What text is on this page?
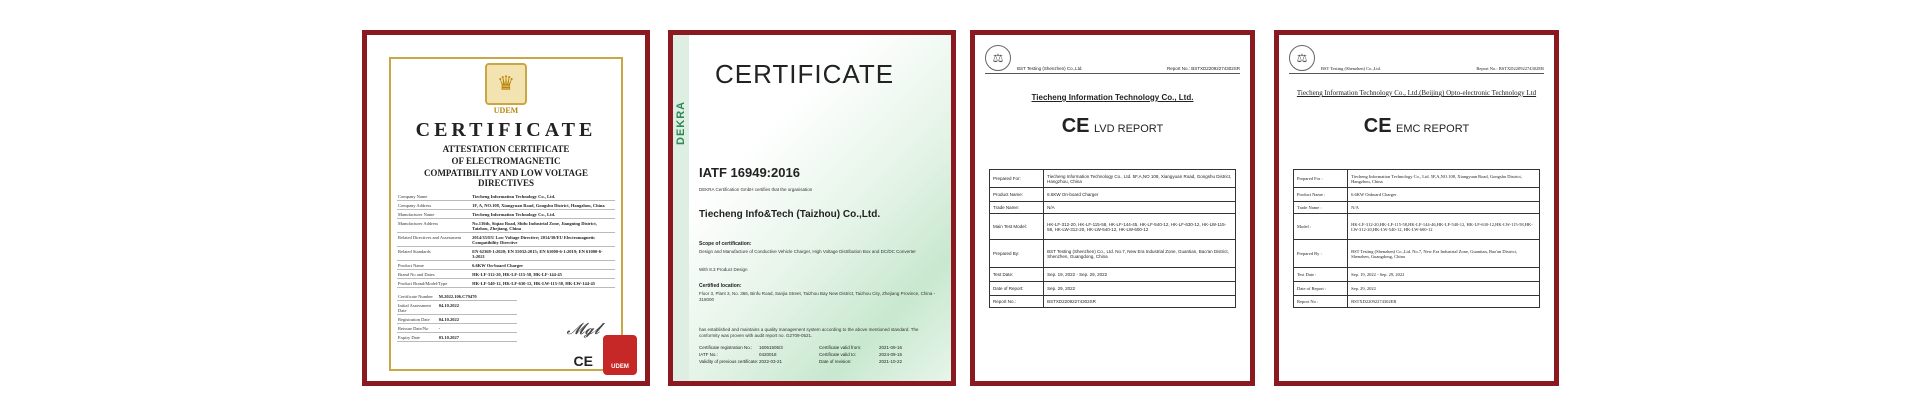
♛
UDEM
CERTIFICATE
ATTESTATION CERTIFICATE
OF ELECTROMAGNETIC
COMPATIBILITY AND LOW VOLTAGE DIRECTIVES
Company Name	Tiecheng Information Technology Co., Ltd.
Company Address	1F, A, NO.108, Xiangyuan Road, Gongshu District, Hangzhou, China
Manufacturer Name	Tiecheng Information Technology Co., Ltd.
Manufacturer Address	No.136th, Siqiao Road, Shifu Industrial Zone, Jiangning District, Taizhou, Zhejiang, China
Related Directives and Assessment	2014/35/EU Low Voltage Directive; 2014/30/EU Electromagnetic Compatibility Directive
Related Standards	EN 62368-1:2020; EN 55032:2015; EN 61000-6-1:2019; EN 61000-6-3:2021
Product Name	6.6KW On-board Charger
Brand No and Dates	HK-LF-312-20, HK-LF-115-58, HK-LF-144-45
Product Brand/Model/Type	HK-LF-540-12, HK-LF-630-12, HK-LW-115-58, HK-LW-144-45
Certificate Number	M.2022.106.C79470
Initial Assessment Date	04.10.2022
Registration Date	04.10.2022
Reissue Date/No	-
Expiry Date	03.10.2027	𝓜𝓰𝓵
CE	UDEM
DEKRA
CERTIFICATE
IATF 16949:2016
DEKRA Certification GmbH certifies that the organisation
Tiecheng Info&Tech (Taizhou) Co.,Ltd.
Scope of certification:
Design and Manufacture of Conductive Vehicle Charger, High Voltage Distribution Box and DC/DC Converter
With 8.3 Product Design
Certified location:
Floor 3, Plant 3, No. 366, Binfu Road, Sanjia Street, Taizhou Bay New District, Taizhou City, Zhejiang Province, China - 318000
has established and maintains a quality management system according to the above mentioned standard. The conformity was proven with audit report no. G2709-0521.
Certificate registration No.:	16061505/3	Certificate valid from:	2021-09-16
IATF No.:	0420018	Certificate valid to:	2024-09-15
Validity of previous certificate: 2022-03-21	Date of revision:	2021-10-22
⚖
BST Testing (Shenzhen) Co.,Ltd.	Report No.: BSTXD22092274302SR
Tiecheng Information Technology Co., Ltd.
CE LVD REPORT
Prepared For:	Tiecheng Information Technology Co., Ltd. 5F,A,NO 108, Xiangyuan Road, Gongshu District, Hangzhou, China
Product Name:	6.6KW On-board Charger
Trade Name:	N/A
Main Test Model:	HK-LF-312-20, HK-LF-115-58, HK-LF-144-45, HK-LF-540-12, HK-LF-630-12, HK-LW-115-58, HK-LW-312-20, HK-LW-540-12, HK-LW-600-12
Prepared By:	BST Testing (Shenzhen) Co., Ltd. No.7, New Era Industrial Zone, Guantian, Bao'an District, Shenzhen, Guangdong, China
Test Date:	Sep. 19, 2022 - Sep. 29, 2022
Date of Report:	Sep. 29, 2022
Report No.:	BSTXD22092274302SR
⚖
BST Testing (Shenzhen) Co.,Ltd.	Report No.: BSTXD22092274302ER
Tiecheng Information Technology Co., Ltd.(Beijing) Opto-electronic Technology Ltd
CE EMC REPORT
Prepared For :	Tiecheng Information Technology Co., Ltd. 5F,A,NO.108, Xiangyuan Road, Gongshu District, Hangzhou, China
Product Name :	6.6KW Onboard Charger
Trade Name :	N/A
Model :	HK-LF-312-20,HK-LF-115-58,HK-LF-144-46,HK-LF-540-12, HK-LF-630-12,HK-LW-115-58,HK-LW-312-20,HK-LW-540-12, HK-LW-600-12
Prepared By :	BST Testing (Shenzhen) Co.,Ltd. No.7, New Era Industrial Zone, Guantian, Bao'an District, Shenzhen, Guangdong, China
Test Date :	Sep. 19, 2022 - Sep. 29, 2022
Date of Report :	Sep. 29, 2022
Report No :	BSTXD22092274302ER
